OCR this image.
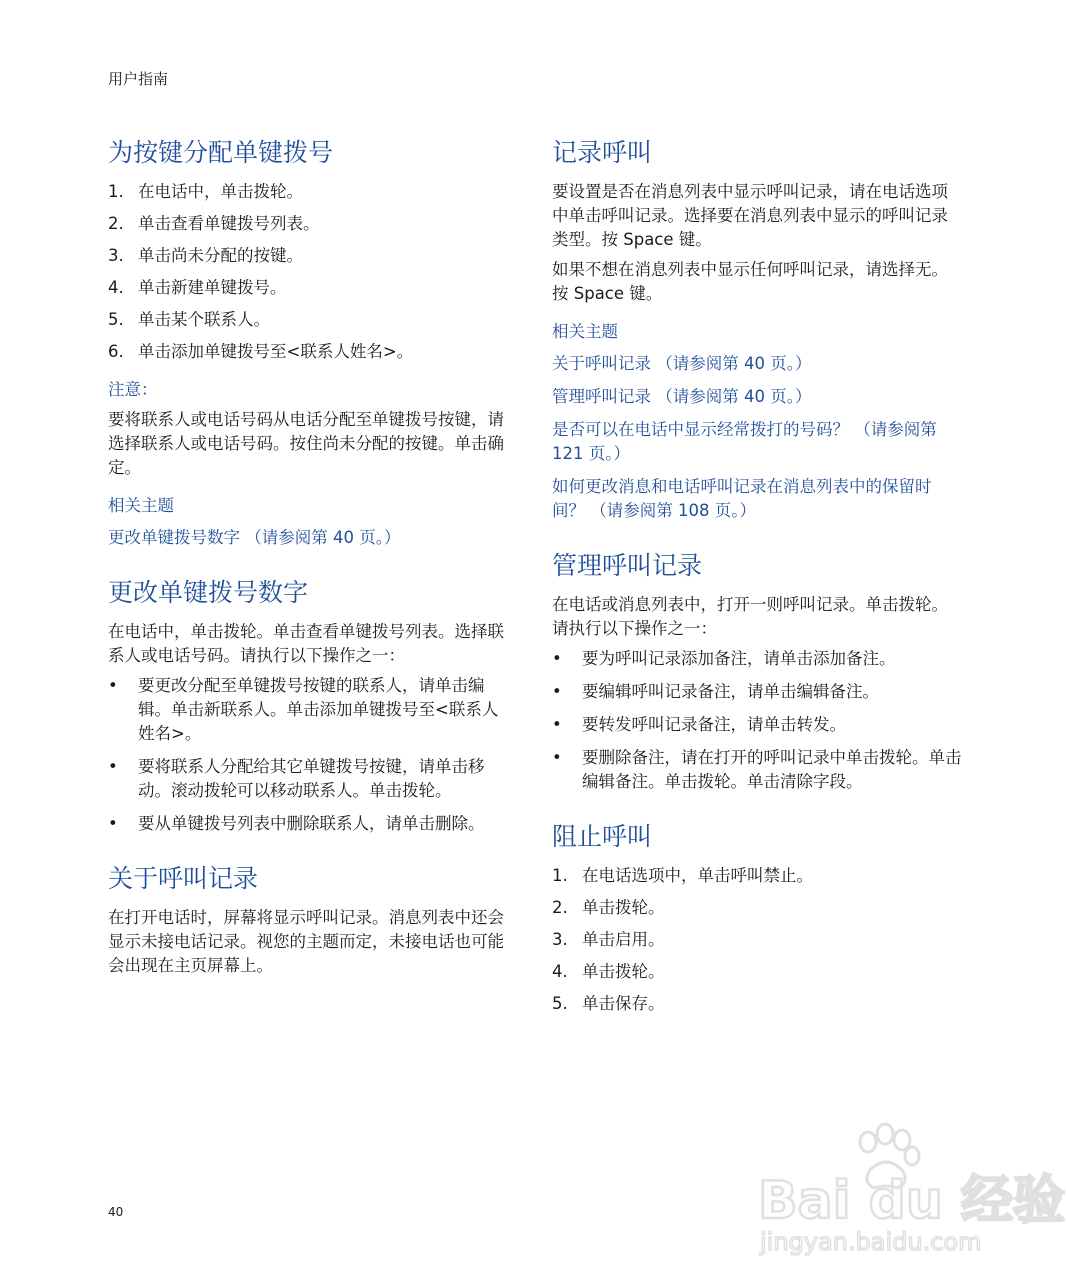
用户指南
为按键分配单键拨号
1. 在电话中，单击拨轮。
2. 单击查看单键拨号列表。
3. 单击尚未分配的按键。
4. 单击新建单键拨号。
5. 单击某个联系人。
6. 单击添加单键拨号至<联系人姓名>。
注意：

要将联系人或电话号码从电话分配至单键拨号按键，请选择联系人或电话号码。按住尚未分配的按键。单击确定。

相关主题
更改单键拨号数字 （请参阅第 40 页。）
更改单键拨号数字

在电话中，单击拨轮。单击查看单键拨号列表。选择联系人或电话号码。请执行以下操作之一：

•	要更改分配至单键拨号按键的联系人，请单击编辑。单击新联系人。单击添加单键拨号至<联系人姓名>。
•	要将联系人分配给其它单键拨号按键，请单击移动。滚动拨轮可以移动联系人。单击拨轮。
•	要从单键拨号列表中删除联系人，请单击删除。
关于呼叫记录

在打开电话时，屏幕将显示呼叫记录。消息列表中还会显示未接电话记录。视您的主题而定，未接电话也可能会出现在主页屏幕上。

记录呼叫

要设置是否在消息列表中显示呼叫记录，请在电话选项中单击呼叫记录。选择要在消息列表中显示的呼叫记录类型。按 Space 键。

如果不想在消息列表中显示任何呼叫记录，请选择无。按 Space 键。

相关主题
关于呼叫记录 （请参阅第 40 页。）
管理呼叫记录 （请参阅第 40 页。）
是否可以在电话中显示经常拨打的号码？ （请参阅第 121 页。）
如何更改消息和电话呼叫记录在消息列表中的保留时间？ （请参阅第 108 页。）
管理呼叫记录

在电话或消息列表中，打开一则呼叫记录。单击拨轮。请执行以下操作之一：

•	要为呼叫记录添加备注，请单击添加备注。
•	要编辑呼叫记录备注，请单击编辑备注。
•	要转发呼叫记录备注，请单击转发。
•	要删除备注，请在打开的呼叫记录中单击拨轮。单击编辑备注。单击拨轮。单击清除字段。
阻止呼叫
1. 在电话选项中，单击呼叫禁止。
2. 单击拨轮。
3. 单击启用。
4. 单击拨轮。
5. 单击保存。
40	Bai du 经验
jingyan.baidu.com
